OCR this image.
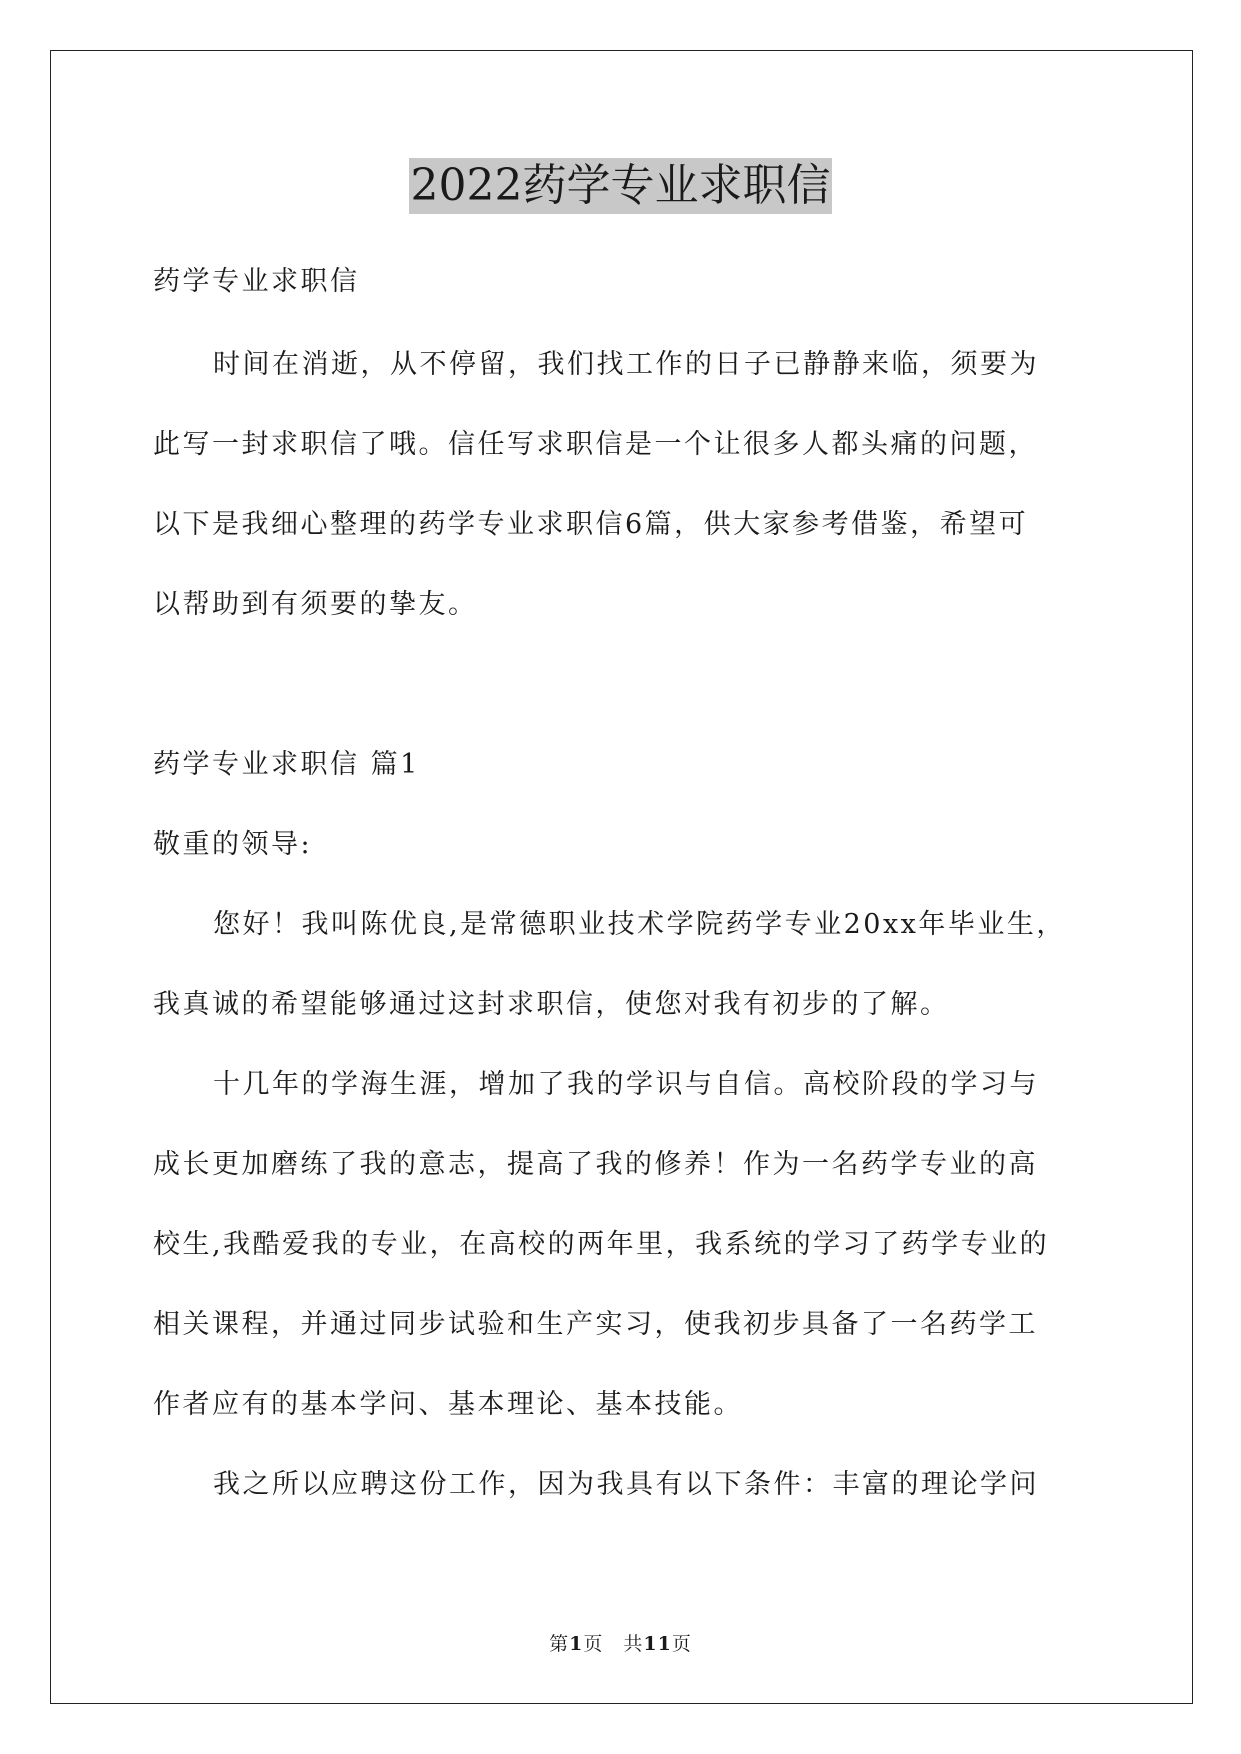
2022药学专业求职信
药学专业求职信
时间在消逝，从不停留，我们找工作的日子已静静来临，须要为
此写一封求职信了哦。信任写求职信是一个让很多人都头痛的问题，
以下是我细心整理的药学专业求职信6篇，供大家参考借鉴，希望可
以帮助到有须要的挚友。
药学专业求职信 篇1
敬重的领导:
您好！我叫陈优良,是常德职业技术学院药学专业20xx年毕业生，
我真诚的希望能够通过这封求职信，使您对我有初步的了解。
十几年的学海生涯，增加了我的学识与自信。高校阶段的学习与
成长更加磨练了我的意志，提高了我的修养！作为一名药学专业的高
校生,我酷爱我的专业，在高校的两年里，我系统的学习了药学专业的
相关课程，并通过同步试验和生产实习，使我初步具备了一名药学工
作者应有的基本学问、基本理论、基本技能。
我之所以应聘这份工作，因为我具有以下条件：丰富的理论学问
第1页 共11页
